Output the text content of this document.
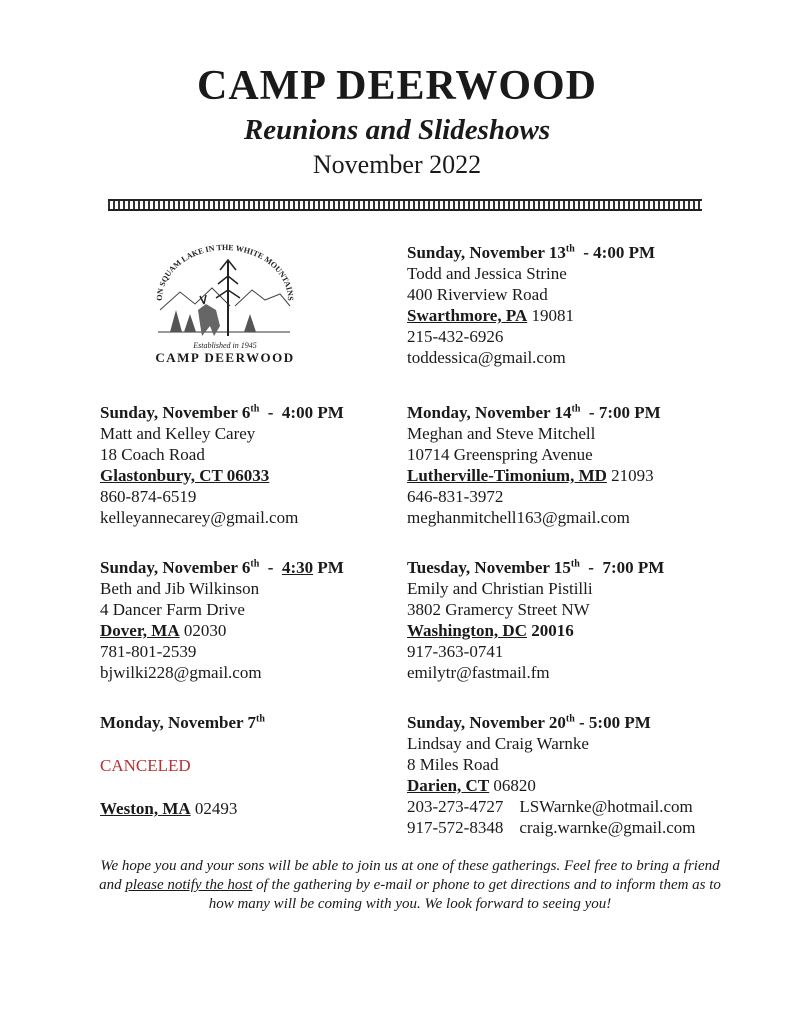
CAMP DEERWOOD
Reunions and Slideshows
November 2022
ON SQUAM LAKE IN THE WHITE MOUNTAINS
Established in 1945
CAMP DEERWOOD
Sunday, November 6th  -  4:00 PM
Matt and Kelley Carey
18 Coach Road
Glastonbury, CT 06033
860-874-6519
kelleyannecarey@gmail.com
Sunday, November 6th  -  4:30 PM
Beth and Jib Wilkinson
4 Dancer Farm Drive
Dover, MA 02030
781-801-2539
bjwilki228@gmail.com
Monday, November 7th
CANCELED
Weston, MA 02493
Sunday, November 13th  - 4:00 PM
Todd and Jessica Strine
400 Riverview Road
Swarthmore, PA 19081
215-432-6926
toddessica@gmail.com
Monday, November 14th  - 7:00 PM
Meghan and Steve Mitchell
10714 Greenspring Avenue
Lutherville-Timonium, MD 21093
646-831-3972
meghanmitchell163@gmail.com
Tuesday, November 15th  -  7:00 PM
Emily and Christian Pistilli
3802 Gramercy Street NW
Washington, DC 20016
917-363-0741
emilytr@fastmail.fm
Sunday, November 20th - 5:00 PM
Lindsay and Craig Warnke
8 Miles Road
Darien, CT 06820
203-273-4727 LSWarnke@hotmail.com
917-572-8348 craig.warnke@gmail.com
We hope you and your sons will be able to join us at one of these gatherings. Feel free to bring a friend and please notify the host of the gathering by e-mail or phone to get directions and to inform them as to how many will be coming with you. We look forward to seeing you!
